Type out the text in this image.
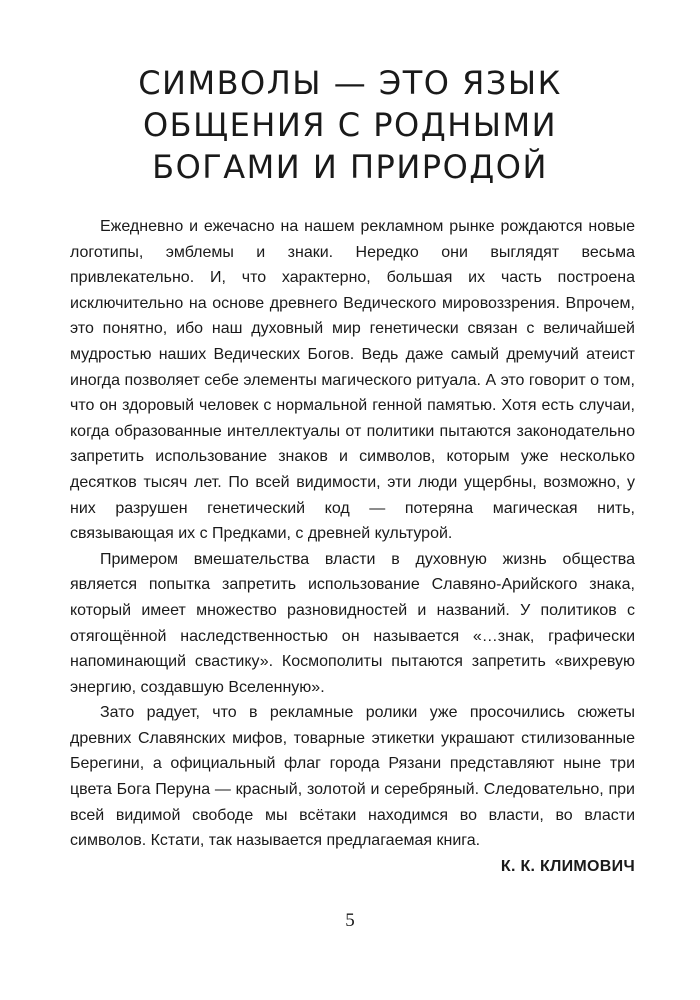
СИМВОЛЫ — ЭТО ЯЗЫК
ОБЩЕНИЯ С РОДНЫМИ
БОГАМИ И ПРИРОДОЙ

Ежедневно и ежечасно на нашем рекламном рынке рождаются новые логотипы, эмблемы и знаки. Нередко они выглядят весьма привлекательно. И, что характерно, большая их часть построена исключительно на основе древнего Ведического мировоззрения. Впрочем, это понятно, ибо наш духовный мир генетически связан с величайшей мудростью наших Ведических Богов. Ведь даже самый дремучий атеист иногда позволяет себе элементы магического ритуала. А это говорит о том, что он здоровый человек с нормальной генной памятью. Хотя есть случаи, когда образованные интеллектуалы от политики пытаются законодательно запретить использование знаков и символов, которым уже несколько десятков тысяч лет. По всей видимости, эти люди ущербны, возможно, у них разрушен генетический код — потеряна магическая нить, связывающая их с Предками, с древней культурой.

Примером вмешательства власти в духовную жизнь общества является попытка запретить использование Славяно-Арийского знака, который имеет множество разновидностей и названий. У политиков с отягощённой наследственностью он называется «…знак, графически напоминающий свастику». Космополиты пытаются запретить «вихревую энергию, создавшую Вселенную».

Зато радует, что в рекламные ролики уже просочились сюжеты древних Славянских мифов, товарные этикетки украшают стилизованные Берегини, а официальный флаг города Рязани представляют ныне три цвета Бога Перуна — красный, золотой и серебряный. Следовательно, при всей видимой свободе мы всётаки находимся во власти, во власти символов. Кстати, так называется предлагаемая книга.

К. К. КЛИМОВИЧ

5
